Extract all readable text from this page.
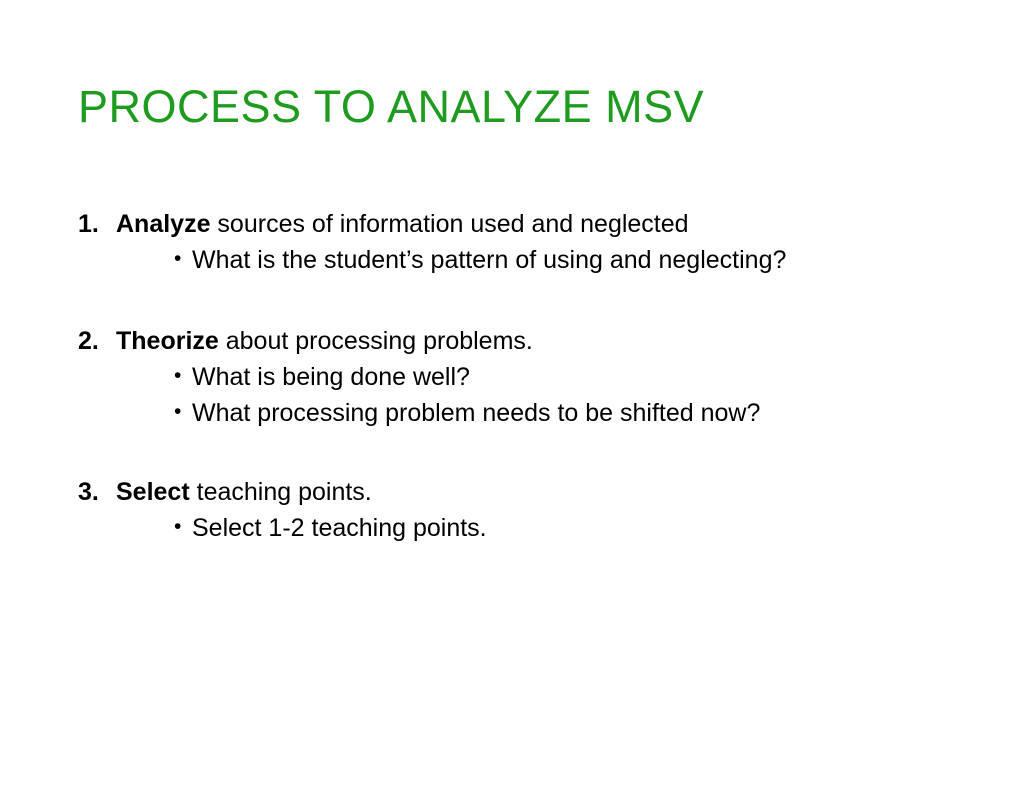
PROCESS TO ANALYZE MSV
1. Analyze sources of information used and neglected
• What is the student’s pattern of using and neglecting?
2. Theorize about processing problems.
• What is being done well?
• What processing problem needs to be shifted now?
3. Select teaching points.
• Select 1-2 teaching points.
